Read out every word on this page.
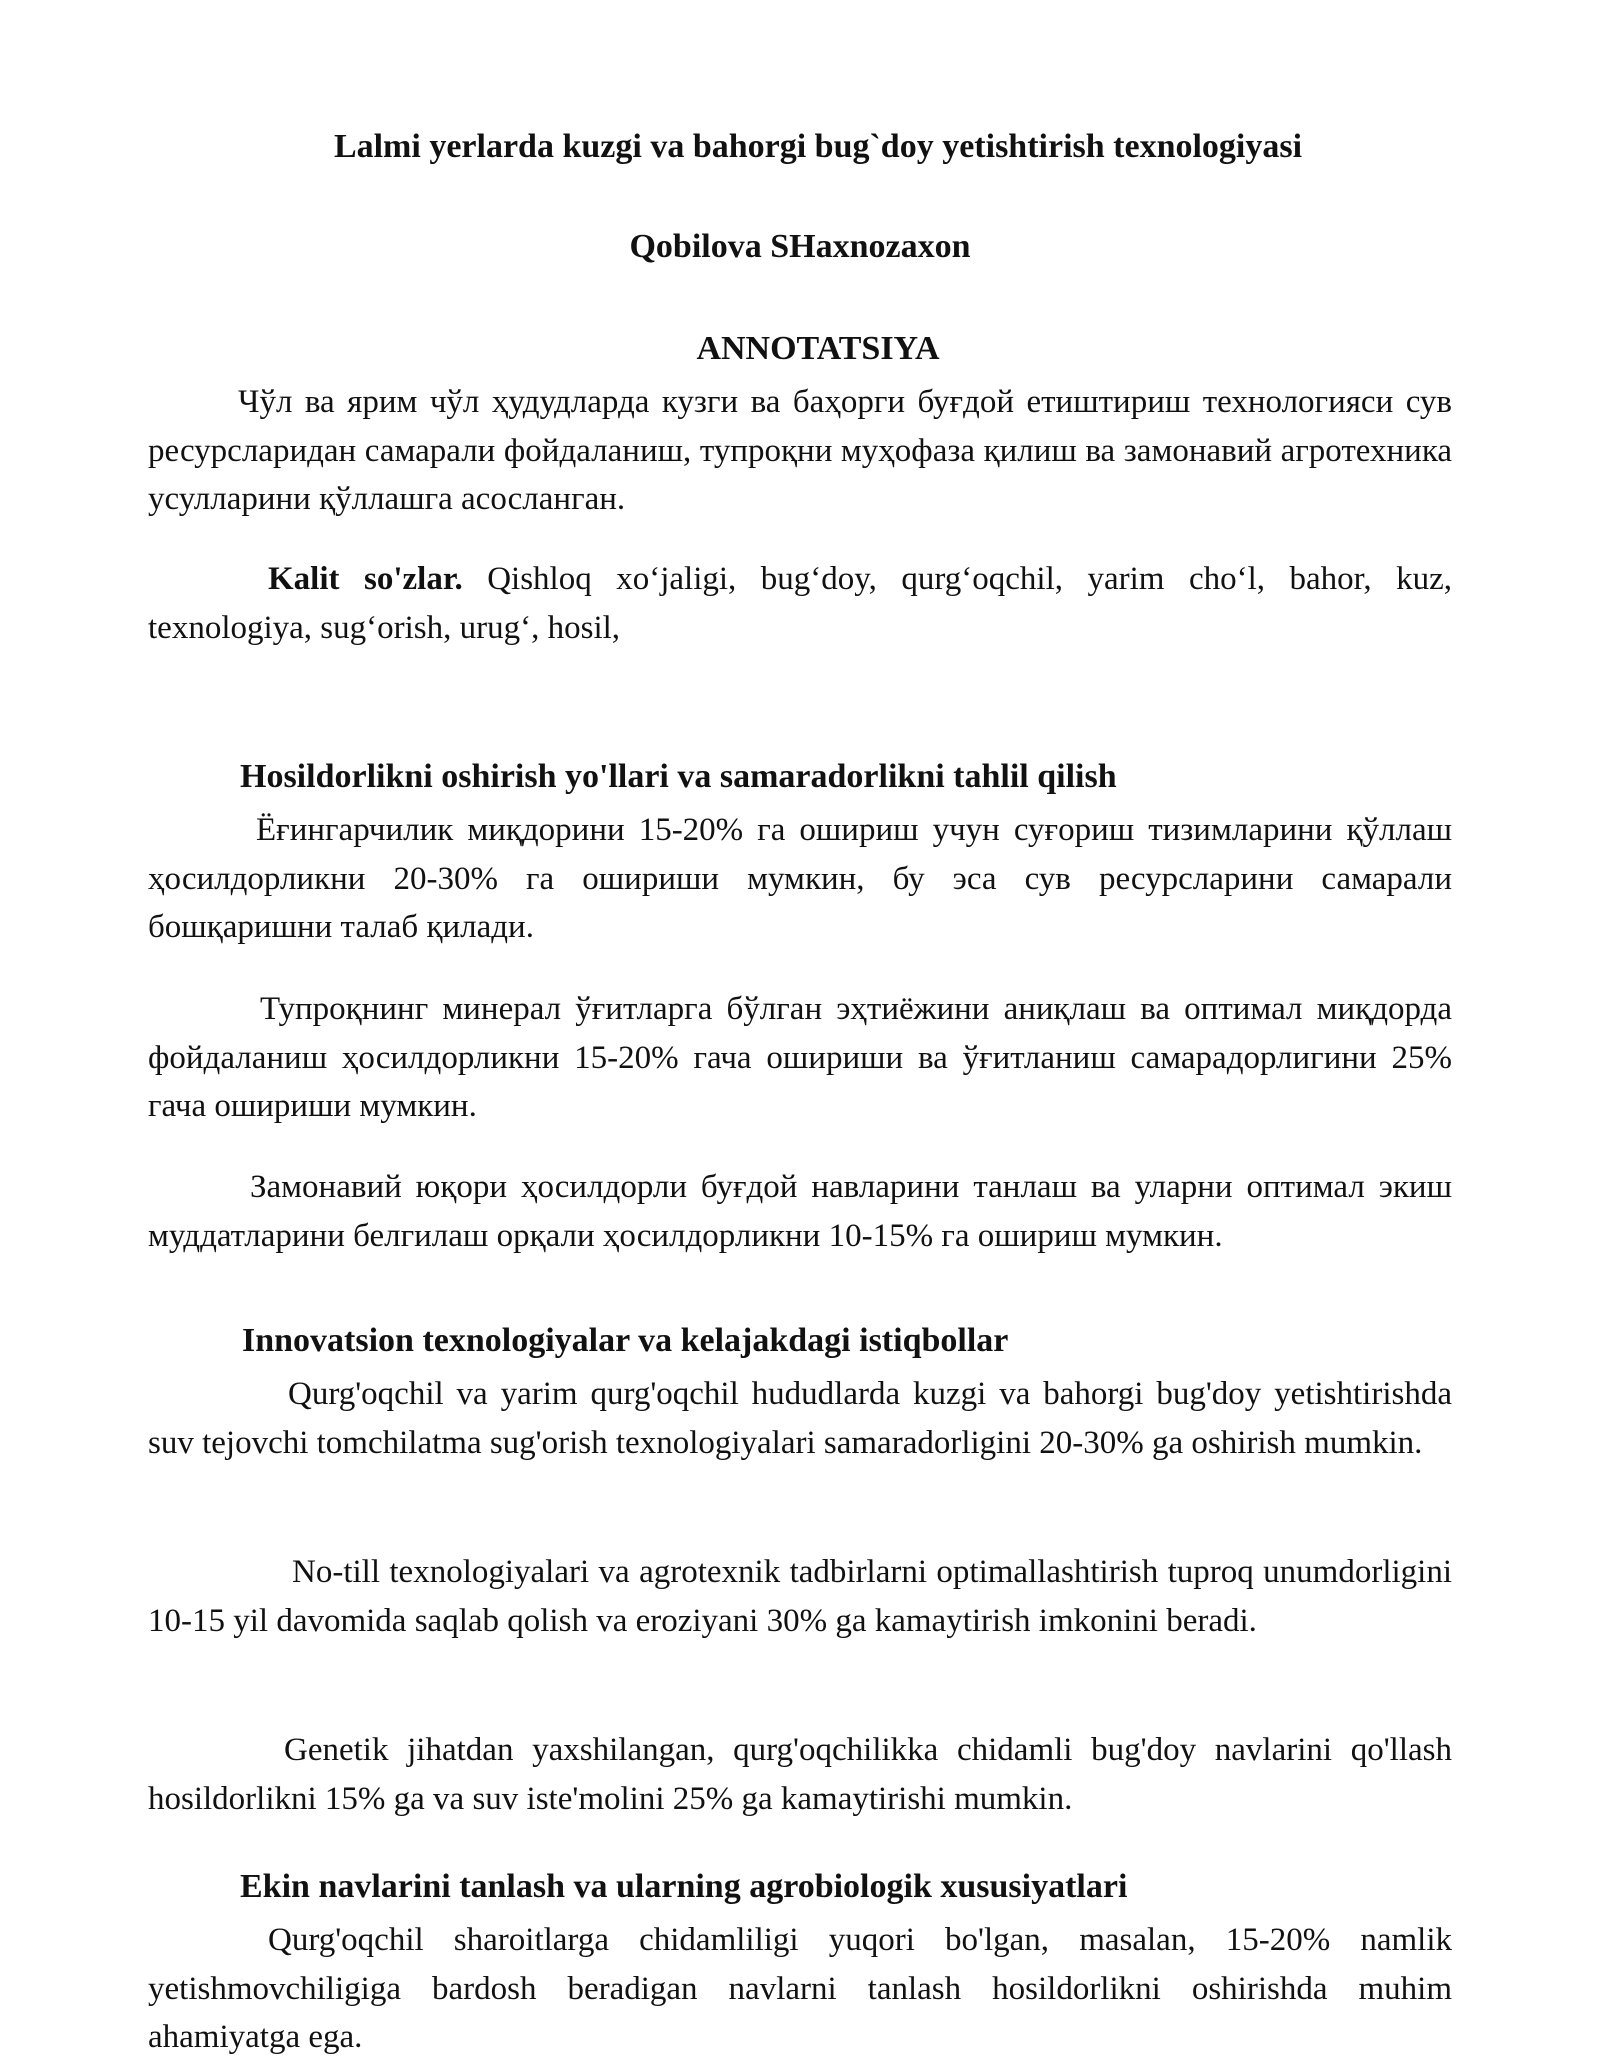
Lalmi yerlarda kuzgi va bahorgi bug`doy yetishtirish texnologiyasi

Qobilova SHaxnozaxon

ANNOTATSIYA

Чўл ва ярим чўл ҳудудларда кузги ва баҳорги буғдой етиштириш технологияси сув ресурсларидан самарали фойдаланиш, тупроқни муҳофаза қилиш ва замонавий агротехника усулларини қўллашга асосланган.

Kalit so'zlar. Qishloq xoʻjaligi, bugʻdoy, qurgʻoqchil, yarim choʻl, bahor, kuz, texnologiya, sugʻorish, urugʻ, hosil,

Hosildorlikni oshirish yo'llari va samaradorlikni tahlil qilish

Ёғингарчилик миқдорини 15-20% га ошириш учун суғориш тизимларини қўллаш ҳосилдорликни 20-30% га ошириши мумкин, бу эса сув ресурсларини самарали бошқаришни талаб қилади.

Тупроқнинг минерал ўғитларга бўлган эҳтиёжини аниқлаш ва оптимал миқдорда фойдаланиш ҳосилдорликни 15-20% гача ошириши ва ўғитланиш самарадорлигини 25% гача ошириши мумкин.

Замонавий юқори ҳосилдорли буғдой навларини танлаш ва уларни оптимал экиш муддатларини белгилаш орқали ҳосилдорликни 10-15% га ошириш мумкин.

Innovatsion texnologiyalar va kelajakdagi istiqbollar

Qurg'oqchil va yarim qurg'oqchil hududlarda kuzgi va bahorgi bug'doy yetishtirishda suv tejovchi tomchilatma sug'orish texnologiyalari samaradorligini 20-30% ga oshirish mumkin.

No-till texnologiyalari va agrotexnik tadbirlarni optimallashtirish tuproq unumdorligini 10-15 yil davomida saqlab qolish va eroziyani 30% ga kamaytirish imkonini beradi.

Genetik jihatdan yaxshilangan, qurg'oqchilikka chidamli bug'doy navlarini qo'llash hosildorlikni 15% ga va suv iste'molini 25% ga kamaytirishi mumkin.

Ekin navlarini tanlash va ularning agrobiologik xususiyatlari

Qurg'oqchil sharoitlarga chidamliligi yuqori bo'lgan, masalan, 15-20% namlik yetishmovchiligiga bardosh beradigan navlarni tanlash hosildorlikni oshirishda muhim ahamiyatga ega.
